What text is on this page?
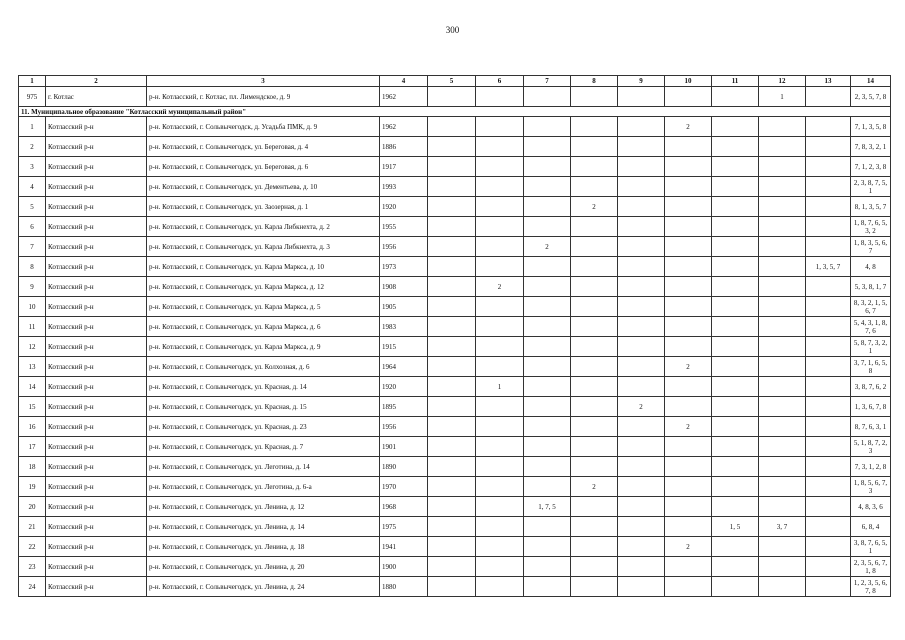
300
1	2	3	4	5	6	7	8	9	10	11	12	13	14
975	г. Котлас	р-н. Котласский, г. Котлас, пл. Лимендское, д. 9	1962								1		2, 3, 5, 7, 8
11. Муниципальное образование "Котласский муниципальный район"													
1	Котласский р-н	р-н. Котласский, г. Сольвычегодск, д. Усадьба ПМК, д. 9	1962						2				7, 1, 3, 5, 8
2	Котласский р-н	р-н. Котласский, г. Сольвычегодск, ул. Береговая, д. 4	1886										7, 8, 3, 2, 1
3	Котласский р-н	р-н. Котласский, г. Сольвычегодск, ул. Береговая, д. 6	1917										7, 1, 2, 3, 8
4	Котласский р-н	р-н. Котласский, г. Сольвычегодск, ул. Дементьева, д. 10	1993										2, 3, 8, 7, 5, 1
5	Котласский р-н	р-н. Котласский, г. Сольвычегодск, ул. Заозерная, д. 1	1920				2						8, 1, 3, 5, 7
6	Котласский р-н	р-н. Котласский, г. Сольвычегодск, ул. Карла Либкнехта, д. 2	1955										1, 8, 7, 6, 5, 3, 2
7	Котласский р-н	р-н. Котласский, г. Сольвычегодск, ул. Карла Либкнехта, д. 3	1956			2							1, 8, 3, 5, 6, 7
8	Котласский р-н	р-н. Котласский, г. Сольвычегодск, ул. Карла Маркса, д. 10	1973									1, 3, 5, 7	4, 8
9	Котласский р-н	р-н. Котласский, г. Сольвычегодск, ул. Карла Маркса, д. 12	1908		2								5, 3, 8, 1, 7
10	Котласский р-н	р-н. Котласский, г. Сольвычегодск, ул. Карла Маркса, д. 5	1905										8, 3, 2, 1, 5, 6, 7
11	Котласский р-н	р-н. Котласский, г. Сольвычегодск, ул. Карла Маркса, д. 6	1983										5, 4, 3, 1, 8, 7, 6
12	Котласский р-н	р-н. Котласский, г. Сольвычегодск, ул. Карла Маркса, д. 9	1915										5, 8, 7, 3, 2, 1
13	Котласский р-н	р-н. Котласский, г. Сольвычегодск, ул. Колхозная, д. 6	1964						2				3, 7, 1, 6, 5, 8
14	Котласский р-н	р-н. Котласский, г. Сольвычегодск, ул. Красная, д. 14	1920		1								3, 8, 7, 6, 2
15	Котласский р-н	р-н. Котласский, г. Сольвычегодск, ул. Красная, д. 15	1895					2					1, 3, 6, 7, 8
16	Котласский р-н	р-н. Котласский, г. Сольвычегодск, ул. Красная, д. 23	1956						2				8, 7, 6, 3, 1
17	Котласский р-н	р-н. Котласский, г. Сольвычегодск, ул. Красная, д. 7	1901										5, 1, 8, 7, 2, 3
18	Котласский р-н	р-н. Котласский, г. Сольвычегодск, ул. Леготина, д. 14	1890										7, 3, 1, 2, 8
19	Котласский р-н	р-н. Котласский, г. Сольвычегодск, ул. Леготина, д. 6-а	1970				2						1, 8, 5, 6, 7, 3
20	Котласский р-н	р-н. Котласский, г. Сольвычегодск, ул. Ленина, д. 12	1968			1, 7, 5							4, 8, 3, 6
21	Котласский р-н	р-н. Котласский, г. Сольвычегодск, ул. Ленина, д. 14	1975							1, 5	3, 7		6, 8, 4
22	Котласский р-н	р-н. Котласский, г. Сольвычегодск, ул. Ленина, д. 18	1941						2				3, 8, 7, 6, 5, 1
23	Котласский р-н	р-н. Котласский, г. Сольвычегодск, ул. Ленина, д. 20	1900										2, 3, 5, 6, 7, 1, 8
24	Котласский р-н	р-н. Котласский, г. Сольвычегодск, ул. Ленина, д. 24	1880										1, 2, 3, 5, 6, 7, 8
